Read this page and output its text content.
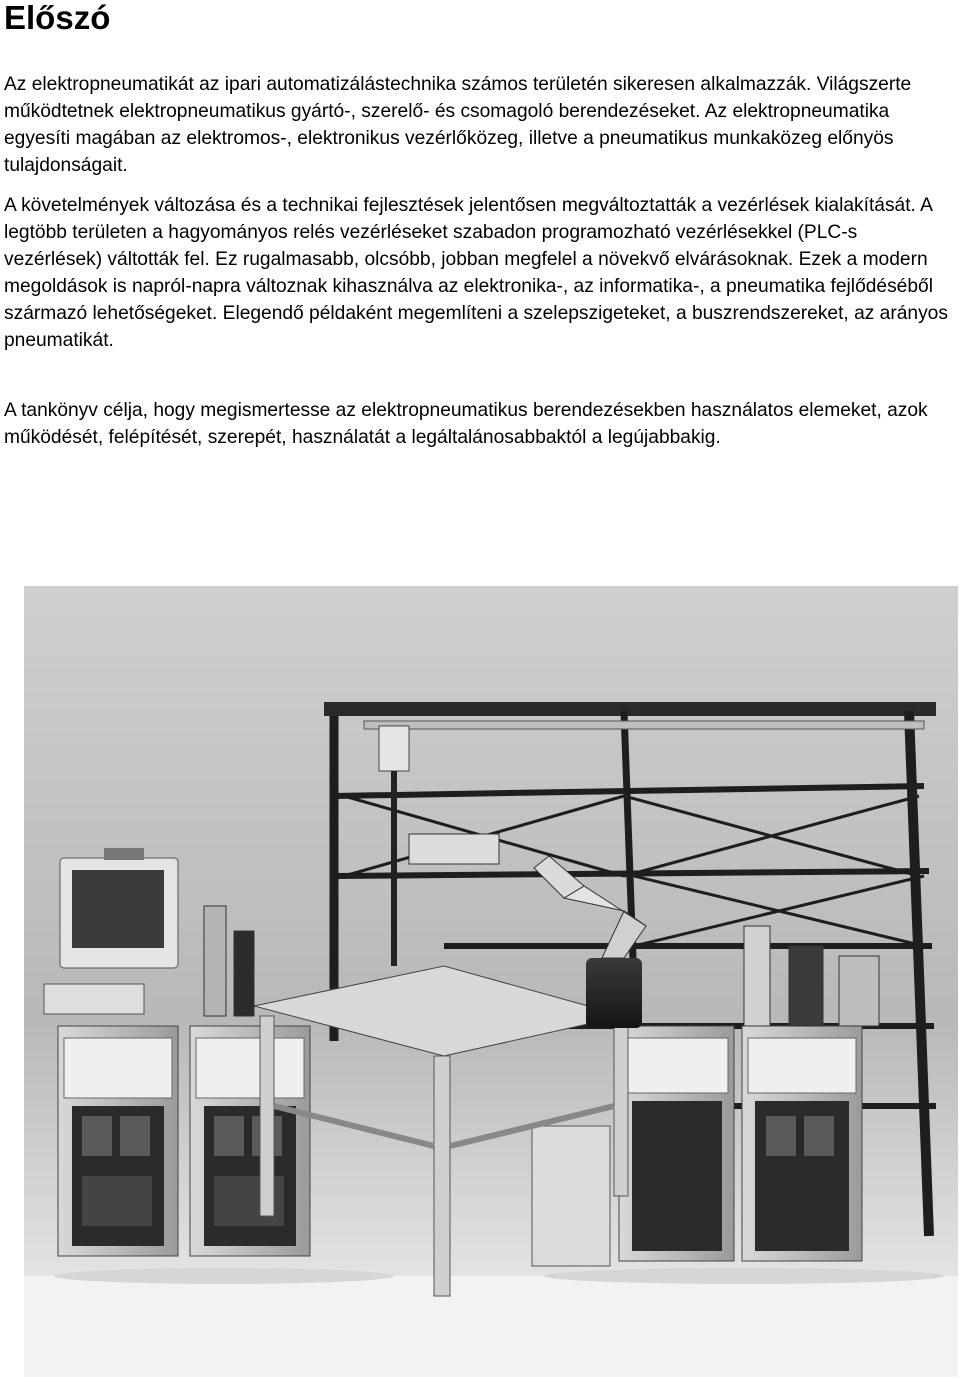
Előszó

Az elektropneumatikát az ipari automatizálástechnika számos területén sikeresen alkalmazzák. Világszerte működtetnek elektropneumatikus gyártó-, szerelő- és csomagoló berendezéseket. Az elektropneumatika egyesíti magában az elektromos-, elektronikus vezérlőközeg, illetve a pneumatikus munkaközeg előnyös tulajdonságait.

A követelmények változása és a technikai fejlesztések jelentősen megváltoztatták a vezérlések kialakítását. A legtöbb területen a hagyományos relés vezérléseket szabadon programozható vezérlésekkel (PLC-s vezérlések) váltották fel. Ez rugalmasabb, olcsóbb, jobban megfelel a növekvő elvárásoknak. Ezek a modern megoldások is napról-napra változnak kihasználva az elektronika-, az informatika-, a pneumatika fejlődéséből származó lehetőségeket. Elegendő példaként megemlíteni a szelepszigeteket, a buszrendszereket, az arányos pneumatikát.

A tankönyv célja, hogy megismertesse az elektropneumatikus berendezésekben használatos elemeket, azok működését, felépítését, szerepét, használatát a legáltalánosabbaktól a legújabbakig.
